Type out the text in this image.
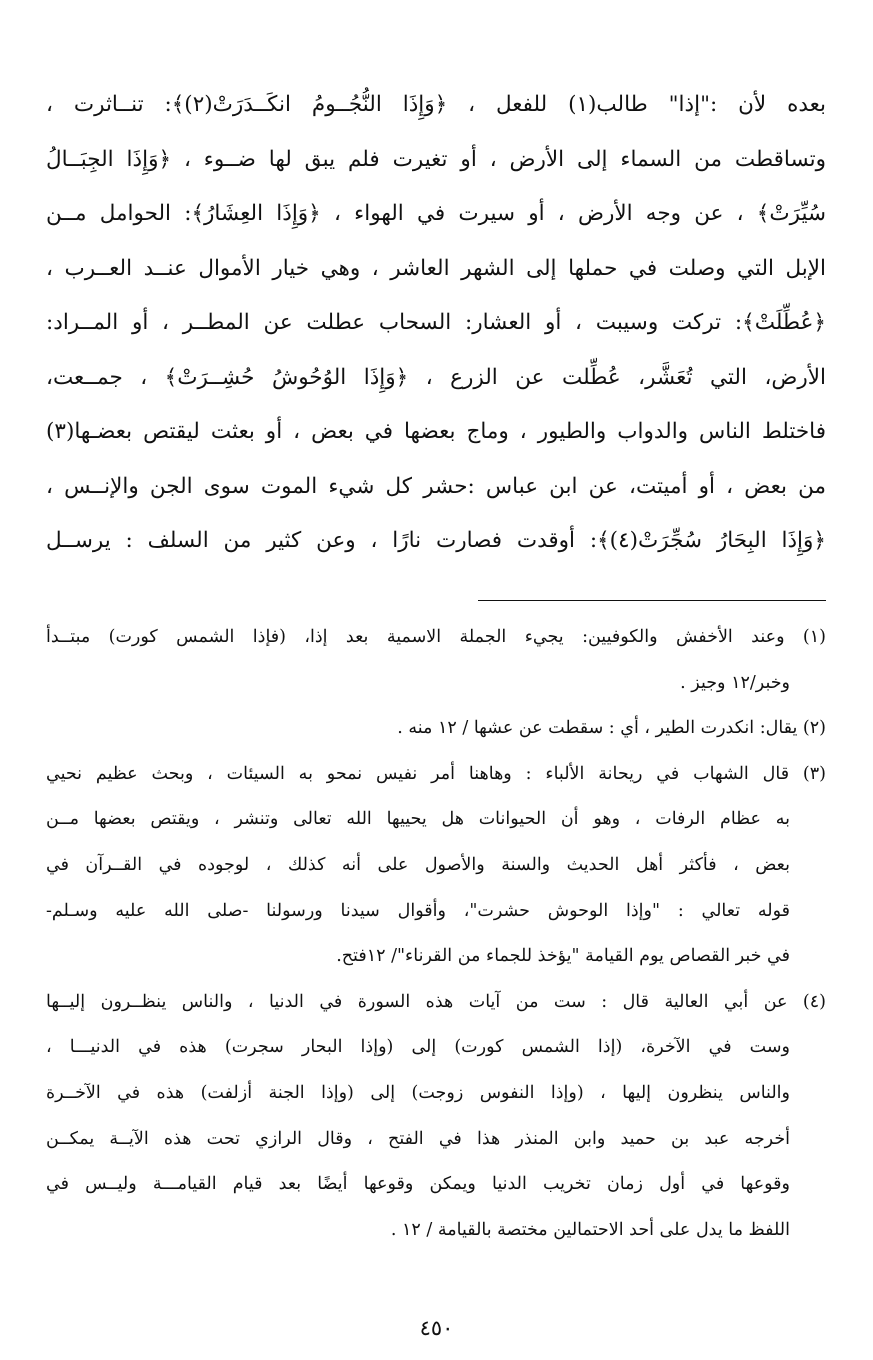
بعده لأن :"إذا" طالب(١) للفعل ، ﴿وَإِذَا النُّجُــومُ انكَــدَرَتْ(٢)﴾: تنــاثرت ،
وتساقطت من السماء إلى الأرض ، أو تغيرت فلم يبق لها ضــوء ، ﴿وَإِذَا الجِبَــالُ
سُيِّرَتْ﴾ ، عن وجه الأرض ، أو سيرت في الهواء ، ﴿وَإِذَا العِشَارُ﴾: الحوامل مــن
الإبل التي وصلت في حملها إلى الشهر العاشر ، وهي خيار الأموال عنــد العــرب ،
﴿عُطِّلَتْ﴾: تركت وسيبت ، أو العشار: السحاب عطلت عن المطــر ، أو المــراد:
الأرض، التي تُعَشَّر، عُطِّلت عن الزرع ، ﴿وَإِذَا الوُحُوشُ حُشِــرَتْ﴾ ، جمــعت،
فاختلط الناس والدواب والطيور ، وماج بعضها في بعض ، أو بعثت ليقتص بعضـها(٣)
من بعض ، أو أميتت، عن ابن عباس :حشر كل شيء الموت سوى الجن والإنــس ،
﴿وَإِذَا البِحَارُ سُجِّرَتْ(٤)﴾: أوقدت فصارت نارًا ، وعن كثير من السلف : يرســل
(١) وعند الأخفش والكوفيين: يجيء الجملة الاسمية بعد إذا، (فإذا الشمس كورت) مبتــدأ
وخبر/١٢ وجيز .
(٢) يقال: انكدرت الطير ، أي : سقطت عن عشها / ١٢ منه .
(٣) قال الشهاب في ريحانة الألباء : وهاهنا أمر نفيس نمحو به السيئات ، وبحث عظيم نحيي
به عظام الرفات ، وهو أن الحيوانات هل يحييها الله تعالى وتنشر ، ويقتص بعضها مــن
بعض ، فأكثر أهل الحديث والسنة والأصول على أنه كذلك ، لوجوده في القــرآن في
قوله تعالي : "وإذا الوحوش حشرت"، وأقوال سيدنا ورسولنا -صلى الله عليه وسـلم-
في خبر القصاص يوم القيامة "يؤخذ للجماء من القرناء"/ ١٢فتح.
(٤) عن أبي العالية قال : ست من آيات هذه السورة في الدنيا ، والناس ينظــرون إليــها
وست في الآخرة، (إذا الشمس كورت) إلى (وإذا البحار سجرت) هذه في الدنيـــا ،
والناس ينظرون إليها ، (وإذا النفوس زوجت) إلى (وإذا الجنة أزلفت) هذه في الآخــرة
أخرجه عبد بن حميد وابن المنذر هذا في الفتح ، وقال الرازي تحت هذه الآيــة يمكــن
وقوعها في أول زمان تخريب الدنيا ويمكن وقوعها أيضًا بعد قيام القيامـــة وليــس في
اللفظ ما يدل على أحد الاحتمالين مختصة بالقيامة / ١٢ .
٤٥٠
